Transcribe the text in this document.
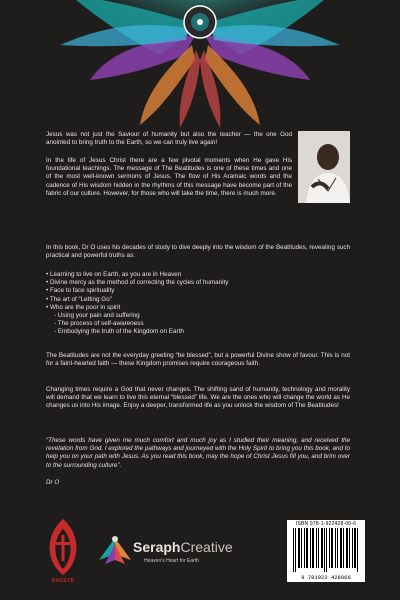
Jesus was not just the Saviour of humanity but also the teacher — the one God anointed to bring truth to the Earth, so we can truly live again!

In the life of Jesus Christ there are a few pivotal moments when He gave His foundational teachings. The message of The Beatitudes is one of these times and one of the most well-known sermons of Jesus. The flow of His Aramaic words and the cadence of His wisdom hidden in the rhythms of this message have become part of the fabric of our culture. However, for those who will take the time, there is much more.

In this book, Dr O uses his decades of study to dive deeply into the wisdom of the Beatitudes, revealing such practical and powerful truths as:

• Learning to live on Earth, as you are in Heaven
• Divine mercy as the method of correcting the cycles of humanity
• Face to face spirituality
• The art of “Letting Go”
• Who are the poor in spirit
- Using your pain and suffering
- The process of self-awareness
- Embodying the truth of the Kingdom on Earth

The Beatitudes are not the everyday greeting “be blessed”, but a powerful Divine show of favour. This is not for a faint-hearted faith — these Kingdom promises require courageous faith.

Changing times require a God that never changes. The shifting sand of humanity, technology and morality will demand that we learn to live this eternal “blessed” life. We are the ones who will change the world as He changes us into His image. Enjoy a deeper, transformed life as you unlock the wisdom of The Beatitudes!

“These words have given me much comfort and much joy as I studied their meaning, and received the revelation from God. I explored the pathways and journeyed with the Holy Spirit to bring you this book, and to help you on your path with Jesus. As you read this book, may the hope of Christ Jesus fill you, and brim over to the surrounding culture”.

Dr O

RACEYE
SeraphCreative
Heaven's Heart for Earth
ISBN 978-1-922428-06-6
9 781922 428066
